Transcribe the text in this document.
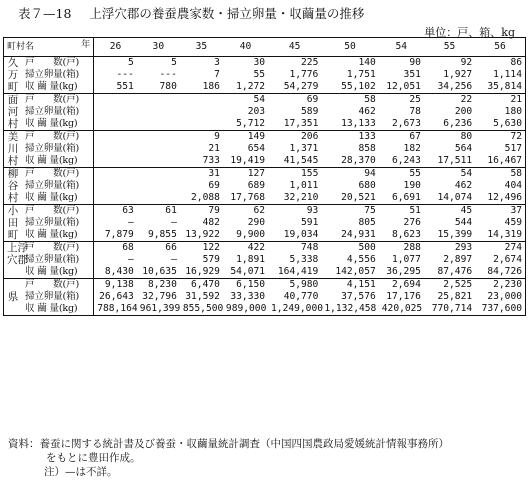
表７—18 上浮穴郡の養蚕農家数・掃立卵量・収繭量の推移
単位：戸、箱、kg
町村名 年		26	30	35	40	45	50	54	55	56
久	戸　　数(戸)	5	5	3	30	225	140	90	92	86
万	掃立卵量(箱)	---	---	7	55	1,776	1,751	351	1,927	1,114
町	収 繭 量(kg)	551	780	186	1,272	54,279	55,102	12,051	34,256	35,814
面	戸　　数(戸)				54	69	58	25	22	21
河	掃立卵量(箱)				203	589	462	78	200	180
村	収 繭 量(kg)				5,712	17,351	13,133	2,673	6,236	5,630
美	戸　　数(戸)			9	149	206	133	67	80	72
川	掃立卵量(箱)			21	654	1,371	858	182	564	517
村	収 繭 量(kg)			733	19,419	41,545	28,370	6,243	17,511	16,467
柳	戸　　数(戸)			31	127	155	94	55	54	58
谷	掃立卵量(箱)			69	689	1,011	680	190	462	404
村	収 繭 量(kg)			2,088	17,768	32,210	20,521	6,691	14,074	12,496
小	戸　　数(戸)	63	61	79	62	93	75	51	45	37
田	掃立卵量(箱)	—	—	482	290	591	805	276	544	459
町	収 繭 量(kg)	7,879	9,855	13,922	9,900	19,034	24,931	8,623	15,399	14,319
上浮	戸　　数(戸)	68	66	122	422	748	500	288	293	274
穴郡	掃立卵量(箱)	—	—	579	1,891	5,338	4,556	1,077	2,897	2,674
	収 繭 量(kg)	8,430	10,635	16,929	54,071	164,419	142,057	36,295	87,476	84,726
	戸　　数(戸)	9,138	8,230	6,470	6,150	5,980	4,151	2,694	2,525	2,230
県	掃立卵量(箱)	26,643	32,796	31,592	33,330	40,770	37,576	17,176	25,821	23,000
	収 繭 量(kg)	788,164	961,399	855,500	989,000	1,249,000	1,132,458	420,025	770,714	737,600
資料：養蚕に関する統計書及び養蚕・収繭量統計調査（中国四国農政局愛媛統計情報事務所）
をもとに豊田作成。
注）—は不詳。
